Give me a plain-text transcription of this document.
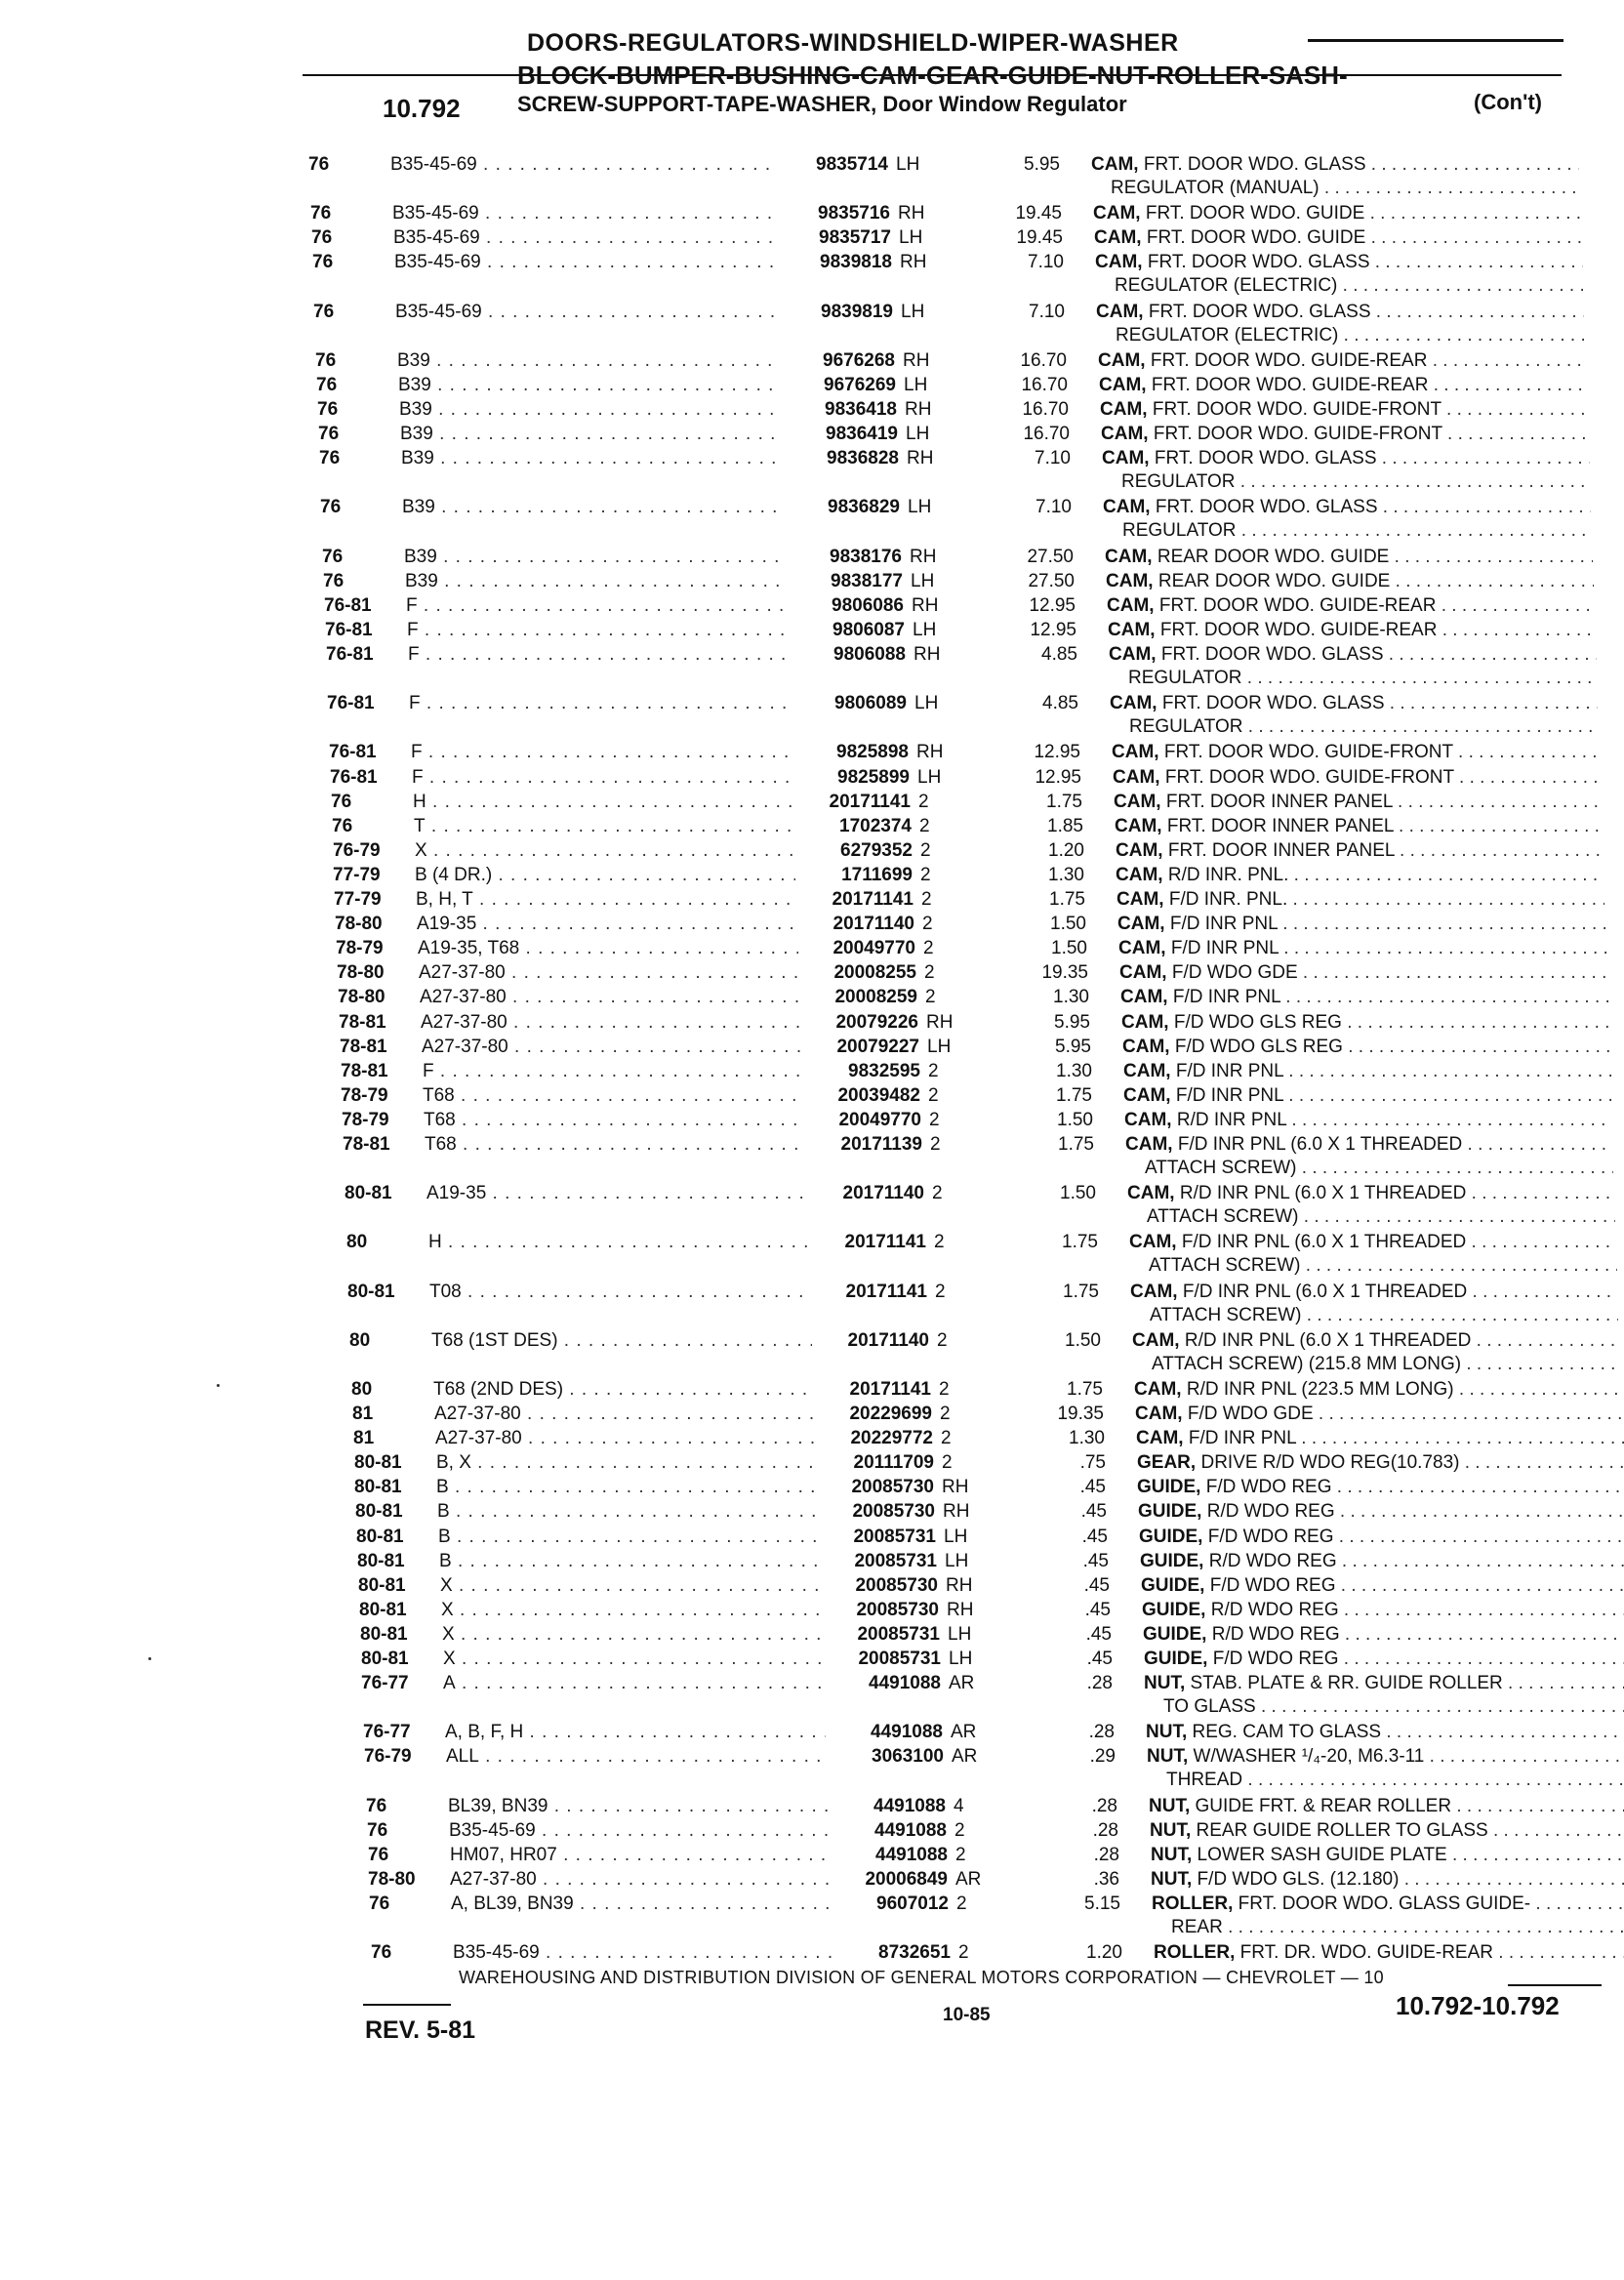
DOORS-REGULATORS-WINDSHIELD-WIPER-WASHER
10.792
BLOCK-BUMPER-BUSHING-CAM-GEAR-GUIDE-NUT-ROLLER-SASH-
SCREW-SUPPORT-TAPE-WASHER, Door Window Regulator	(Con't)
76	B35-45-69 . . .	9835714 LH	5.95 CAM, FRT. DOOR WDO. GLASS . . .
REGULATOR (MANUAL) . . .
76	B35-45-69 . . .	9835716 RH	19.45 CAM, FRT. DOOR WDO. GUIDE . . .
76	B35-45-69 . . .	9835717 LH	19.45 CAM, FRT. DOOR WDO. GUIDE . . .
76	B35-45-69 . . .	9839818 RH	7.10 CAM, FRT. DOOR WDO. GLASS . . .
REGULATOR (ELECTRIC) . . .
76	B35-45-69 . . .	9839819 LH	7.10 CAM, FRT. DOOR WDO. GLASS . . .
REGULATOR (ELECTRIC) . . .
76	B39 . . .	9676268 RH	16.70 CAM, FRT. DOOR WDO. GUIDE-REAR . . .
76	B39 . . .	9676269 LH	16.70 CAM, FRT. DOOR WDO. GUIDE-REAR . . .
76	B39 . . .	9836418 RH	16.70 CAM, FRT. DOOR WDO. GUIDE-FRONT . . .
76	B39 . . .	9836419 LH	16.70 CAM, FRT. DOOR WDO. GUIDE-FRONT . . .
76	B39 . . .	9836828 RH	7.10 CAM, FRT. DOOR WDO. GLASS . . .
REGULATOR . . .
76	B39 . . .	9836829 LH	7.10 CAM, FRT. DOOR WDO. GLASS . . .
REGULATOR . . .
76	B39 . . .	9838176 RH	27.50 CAM, REAR DOOR WDO. GUIDE . . .
76	B39 . . .	9838177 LH	27.50 CAM, REAR DOOR WDO. GUIDE . . .
76-81	F . . .	9806086 RH	12.95 CAM, FRT. DOOR WDO. GUIDE-REAR . . .
76-81	F . . .	9806087 LH	12.95 CAM, FRT. DOOR WDO. GUIDE-REAR . . .
76-81	F . . .	9806088 RH	4.85 CAM, FRT. DOOR WDO. GLASS . . .
REGULATOR . . .
76-81	F . . .	9806089 LH	4.85 CAM, FRT. DOOR WDO. GLASS . . .
REGULATOR . . .
76-81	F . . .	9825898 RH	12.95 CAM, FRT. DOOR WDO. GUIDE-FRONT . . .
76-81	F . . .	9825899 LH	12.95 CAM, FRT. DOOR WDO. GUIDE-FRONT . . .
76	H . . .	20171141 2	1.75 CAM, FRT. DOOR INNER PANEL . . .
76	T . . .	1702374 2	1.85 CAM, FRT. DOOR INNER PANEL . . .
76-79	X . . .	6279352 2	1.20 CAM, FRT. DOOR INNER PANEL . . .
77-79	B (4 DR.) . . .	1711699 2	1.30 CAM, R/D INR. PNL. . . .
77-79	B, H, T . . .	20171141 2	1.75 CAM, F/D INR. PNL. . . .
78-80	A19-35 . . .	20171140 2	1.50 CAM, F/D INR PNL . . .
78-79	A19-35, T68 . . .	20049770 2	1.50 CAM, F/D INR PNL . . .
78-80	A27-37-80 . . .	20008255 2	19.35 CAM, F/D WDO GDE . . .
78-80	A27-37-80 . . .	20008259 2	1.30 CAM, F/D INR PNL . . .
78-81	A27-37-80 . . .	20079226 RH	5.95 CAM, F/D WDO GLS REG . . .
78-81	A27-37-80 . . .	20079227 LH	5.95 CAM, F/D WDO GLS REG . . .
78-81	F . . .	9832595 2	1.30 CAM, F/D INR PNL . . .
78-79	T68 . . .	20039482 2	1.75 CAM, F/D INR PNL . . .
78-79	T68 . . .	20049770 2	1.50 CAM, R/D INR PNL . . .
78-81	T68 . . .	20171139 2	1.75 CAM, F/D INR PNL (6.0 X 1 THREADED . . .
ATTACH SCREW) . . .
80-81	A19-35 . . .	20171140 2	1.50 CAM, R/D INR PNL (6.0 X 1 THREADED . . .
ATTACH SCREW) . . .
80	H . . .	20171141 2	1.75 CAM, F/D INR PNL (6.0 X 1 THREADED . . .
ATTACH SCREW) . . .
80-81	T08 . . .	20171141 2	1.75 CAM, F/D INR PNL (6.0 X 1 THREADED . . .
ATTACH SCREW) . . .
80	T68 (1ST DES) . . .	20171140 2	1.50 CAM, R/D INR PNL (6.0 X 1 THREADED . . .
ATTACH SCREW) (215.8 MM LONG) . . .
80	T68 (2ND DES) . . .	20171141 2	1.75 CAM, R/D INR PNL (223.5 MM LONG) . . .
81	A27-37-80 . . .	20229699 2	19.35 CAM, F/D WDO GDE . . .
81	A27-37-80 . . .	20229772 2	1.30 CAM, F/D INR PNL . . .
80-81	B, X . . .	20111709 2	.75 GEAR, DRIVE R/D WDO REG(10.783) . . .
80-81	B . . .	20085730 RH	.45 GUIDE, F/D WDO REG . . .
80-81	B . . .	20085730 RH	.45 GUIDE, R/D WDO REG . . .
80-81	B . . .	20085731 LH	.45 GUIDE, F/D WDO REG . . .
80-81	B . . .	20085731 LH	.45 GUIDE, R/D WDO REG . . .
80-81	X . . .	20085730 RH	.45 GUIDE, F/D WDO REG . . .
80-81	X . . .	20085730 RH	.45 GUIDE, R/D WDO REG . . .
80-81	X . . .	20085731 LH	.45 GUIDE, R/D WDO REG . . .
80-81	X . . .	20085731 LH	.45 GUIDE, F/D WDO REG . . .
76-77	A . . .	4491088 AR	.28 NUT, STAB. PLATE & RR. GUIDE ROLLER . . .
TO GLASS . . .
76-77	A, B, F, H . . .	4491088 AR	.28 NUT, REG. CAM TO GLASS . . .
76-79	ALL . . .	3063100 AR	.29 NUT, W/WASHER ¹/₄-20, M6.3-11 . . .
THREAD . . .
76	BL39, BN39 . . .	4491088 4	.28 NUT, GUIDE FRT. & REAR ROLLER . . .
76	B35-45-69 . . .	4491088 2	.28 NUT, REAR GUIDE ROLLER TO GLASS . . .
76	HM07, HR07 . . .	4491088 2	.28 NUT, LOWER SASH GUIDE PLATE . . .
78-80	A27-37-80 . . .	20006849 AR	.36 NUT, F/D WDO GLS. (12.180) . . .
76	A, BL39, BN39 . . .	9607012 2	5.15 ROLLER, FRT. DOOR WDO. GLASS GUIDE- . . .
REAR . . .
76	B35-45-69 . . .	8732651 2	1.20 ROLLER, FRT. DR. WDO. GUIDE-REAR . . .
WAREHOUSING AND DISTRIBUTION DIVISION OF GENERAL MOTORS CORPORATION — CHEVROLET — 10
10.792-10.792
REV. 5-81
10-85
